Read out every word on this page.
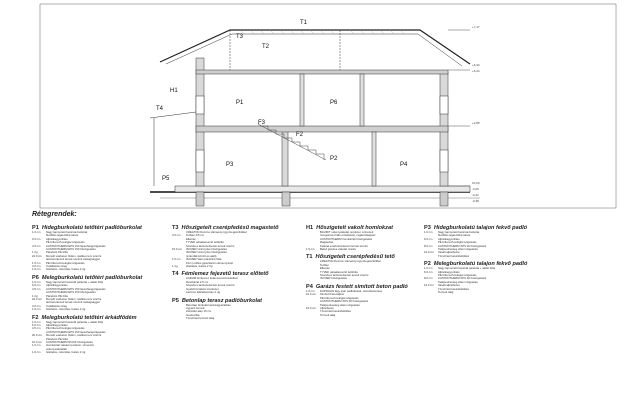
H1
T1
T2
T3
T4
P1
P2
P3	P4
P5
P6
F2
F3
+7,17
+6,34
+6,24
+2,85
±0,00
-0,05
-0,22
-0,38
Rétegrendek:
P1 Hidegburkolatú tetőtéri padlóburkolat
1.0 cm	Nagy lapméretű kerámia burkolat
flexibilis ragasztóba rakva
0.5 cm	Aljzatkiegyenlítés
PE fólia technológiai szigetelés
4.5 cm	AUSTROTHERM EPS 150 lépéshangszigetelés
AUSTROTHERM EPS 150 hőszigetelés
1 rtg	Párazáró PE fólia
24.0 cm	Monolit vasbeton födém, statikus terv szerint
tartószerkezeti tervek szerinti vastagsággal
1.5 cm	PE fólia technológiai szigetelés
3.0 cm	Installációs réteg
1.0 cm	Glettelés, csiszolás, festés 2 rtg
P6 Melegburkolatú tetőtéri padlóburkolat
1.0 cm	Nagy lapméretű laminált parketta + alátét fólia
6.0 cm	Aljzatkiegyenlítés
4.5 cm	AUSTROTHERM EPS 150 lépéshangszigetelés
AUSTROTHERM EPS 150 hőszigetelés
1 rtg	Párazáró PE fólia
24.0 cm	Monolit vasbeton födém, statikus terv szerint
tartószerkezeti tervek szerinti vastagsággal
3.0 cm	Installációs réteg
1.0 cm	Glettelés, csiszolás, festés 2 rtg
F2 Melegburkolatú tetőtéri árkádfödém
1.0 cm	Nagy lapméretű laminált parketta + alátét fólia
6.0 cm	Aljzatkiegyenlítés
4.5 cm	PE fólia technológiai szigetelés
AUSTROTHERM EPS 150 lépéshangszigetelés
20.0 cm	Monolit vasbeton födém, statikus terv szerint
Párazáró PE fólia
10.0 cm	AUSTROTHERM ROOF hőszigetelés
1.0 cm	Homlokzati vakolat rendszer, színezett
vékonyvakolattal
1.0 cm	Glettelés, csiszolás, festés 2 rtg
T3 Hőszigetelt cserépfedésű magastető
CREATON Domino síkcserép ügyi kiegészítőkkel
3.0 cm	Tetőléc 4/5 cm
Ellenléc
TYVEK páraáteresztő tetőfólia
Szarufa a tartószerkezeti tervek szerint
15.0 cm	ISOVER Unirol plus hőszigetelés
ISOVER Unirol plus hőszigetelés
(szarufák között és alatt)
1.5 cm	ISOVER Vario párazáró fólia
Fém profilos gipszkarton álmennyezet
1 rtg	Glettelés, festés 2 rtg
T4 Fémlemez fejezetű terasz előtető
LINDAB fémlemez fedés korcolt kivitelben
Deszkázat 2,5 cm
Szarufa a tartószerkezeti tervek szerint
Gyalult fa látszó szerkezet
Lazúros felületkezelés 2 rtg
P5 Betonlap terasz padlóburkolat
Betonlap burkolat kavicságyazatban
Ágyazó homok
Zúzottkő alap 15 cm
Geotextília
Tömörített termett talaj
H1 Hőszigetelt vakolt homlokzat
BAUMIT vékonyvakolat rendszer, színezett
Üvegszövet háló erősítéssel, ragasztótapasz
AUSTROTHERM homlokzati hőszigetelés
Ragasztás
Falazat a tartószerkezeti tervek szerint
1.5 cm	Belső gipszes vakolat, festés
T1 Hőszigetelt cserépfedésű tető
CREATON Domino síkcserép ügyi kiegészítőkkel
Tetőléc
Ellenléc
TYVEK páraáteresztő tetőfólia
Szarufa a tartószerkezeti tervek szerint
ISOVER hőszigetelés
P4 Garázs festett simított beton padló
1.0 cm	DUPRALIN lágy ipari padlófesték, csúszásmentes
10.0 cm	Simított betonaljzat
PE fólia technológiai szigetelés
AUSTROTHERM XPS 30 hőszigetelés
Talajnedvesség elleni szigetelés
10.0 cm	Aljzatbeton
Tömörített kavicsfeltöltés
Termett talaj
P3 Hidegburkolatú talajon fekvő padló
1.0 cm	Nagy lapméretű kerámia burkolat
flexibilis ragasztóba rakva
6.0 cm	Aljzatkiegyenlítés
PE fólia technológiai szigetelés
8.0 cm	AUSTROTHERM XPS 30 hőszigetelés
Talajnedvesség elleni szigetelés
12.0 cm	Vasalt aljzatbeton
Tömörített kavicsfeltöltés
P2 Melegburkolatú talajon fekvő padló
1.0 cm	Nagy lapméretű laminált parketta + alátét fólia
6.0 cm	Aljzatkiegyenlítés
PE fólia technológiai szigetelés
8.0 cm	AUSTROTHERM XPS 30 hőszigetelés
Talajnedvesség elleni szigetelés
12.0 cm	Vasalt aljzatbeton
Tömörített kavicsfeltöltés
Termett talaj
